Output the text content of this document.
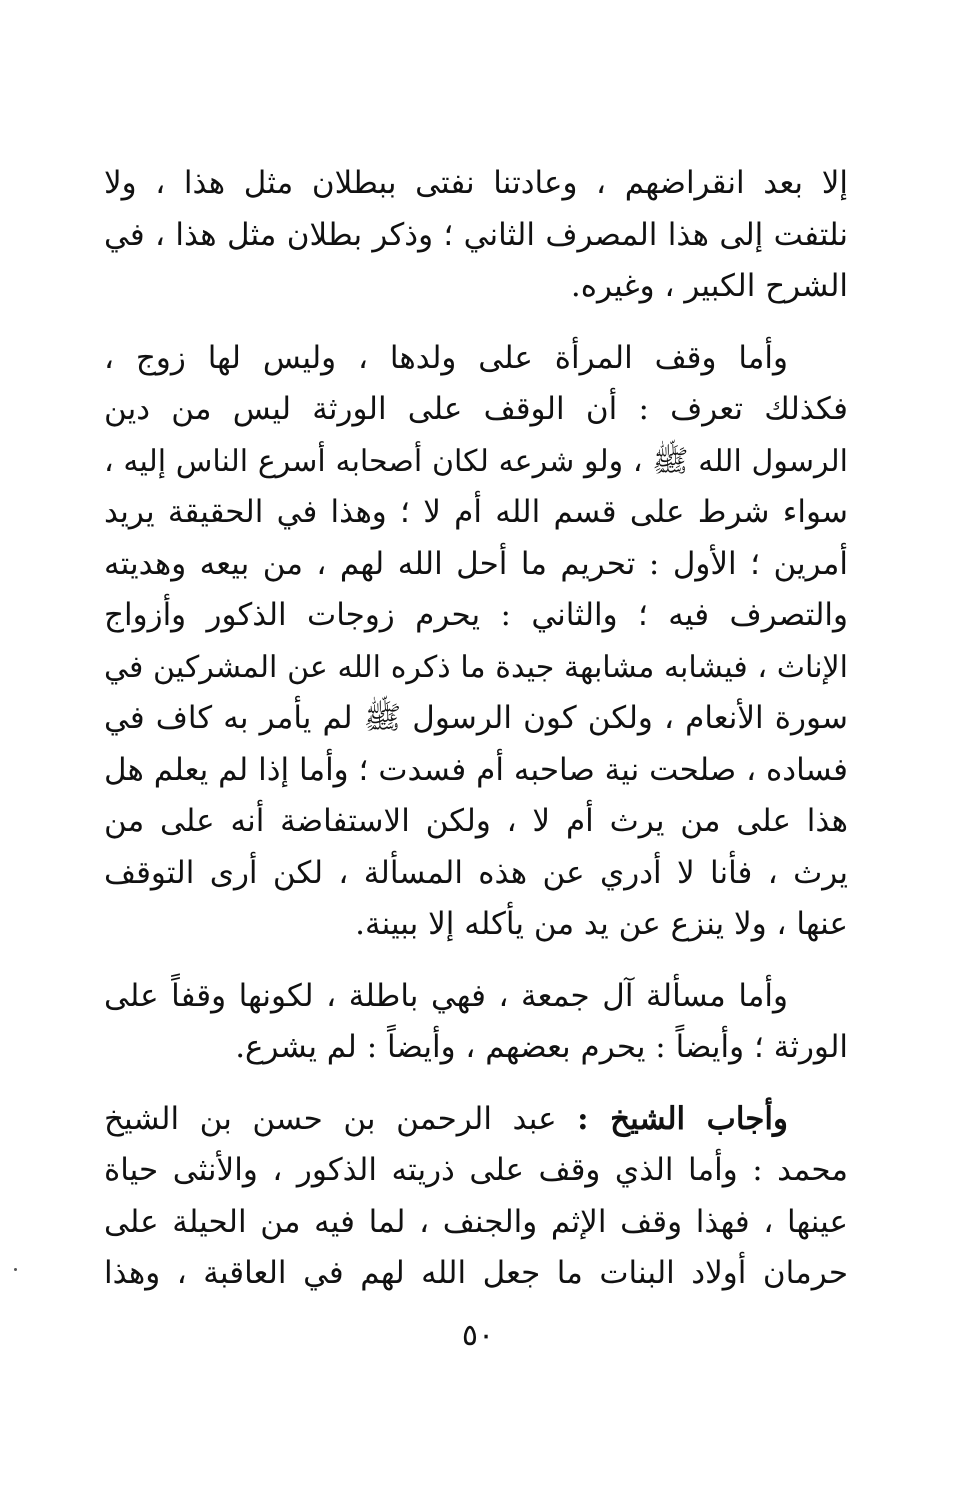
إلا بعد انقراضهم ، وعادتنا نفتى ببطلان مثل هذا ، ولا
نلتفت إلى هذا المصرف الثاني ؛ وذكر بطلان مثل هذا ، في
الشرح الكبير ، وغيره.
وأما وقف المرأة على ولدها ، وليس لها زوج ،
فكذلك تعرف : أن الوقف على الورثة ليس من دين
الرسول الله ﷺ ، ولو شرعه لكان أصحابه أسرع الناس إليه ،
سواء شرط على قسم الله أم لا ؛ وهذا في الحقيقة يريد
أمرين ؛ الأول : تحريم ما أحل الله لهم ، من بيعه وهديته
والتصرف فيه ؛ والثاني : يحرم زوجات الذكور وأزواج
الإناث ، فيشابه مشابهة جيدة ما ذكره الله عن المشركين في
سورة الأنعام ، ولكن كون الرسول ﷺ لم يأمر به كاف في
فساده ، صلحت نية صاحبه أم فسدت ؛ وأما إذا لم يعلم هل
هذا على من يرث أم لا ، ولكن الاستفاضة أنه على من
يرث ، فأنا لا أدري عن هذه المسألة ، لكن أرى التوقف
عنها ، ولا ينزع عن يد من يأكله إلا ببينة.
وأما مسألة آل جمعة ، فهي باطلة ، لكونها وقفاً على
الورثة ؛ وأيضاً : يحرم بعضهم ، وأيضاً : لم يشرع.
وأجاب الشيخ : عبد الرحمن بن حسن بن الشيخ
محمد : وأما الذي وقف على ذريته الذكور ، والأنثى حياة
عينها ، فهذا وقف الإثم والجنف ، لما فيه من الحيلة على
حرمان أولاد البنات ما جعل الله لهم في العاقبة ، وهذا
٥٠
